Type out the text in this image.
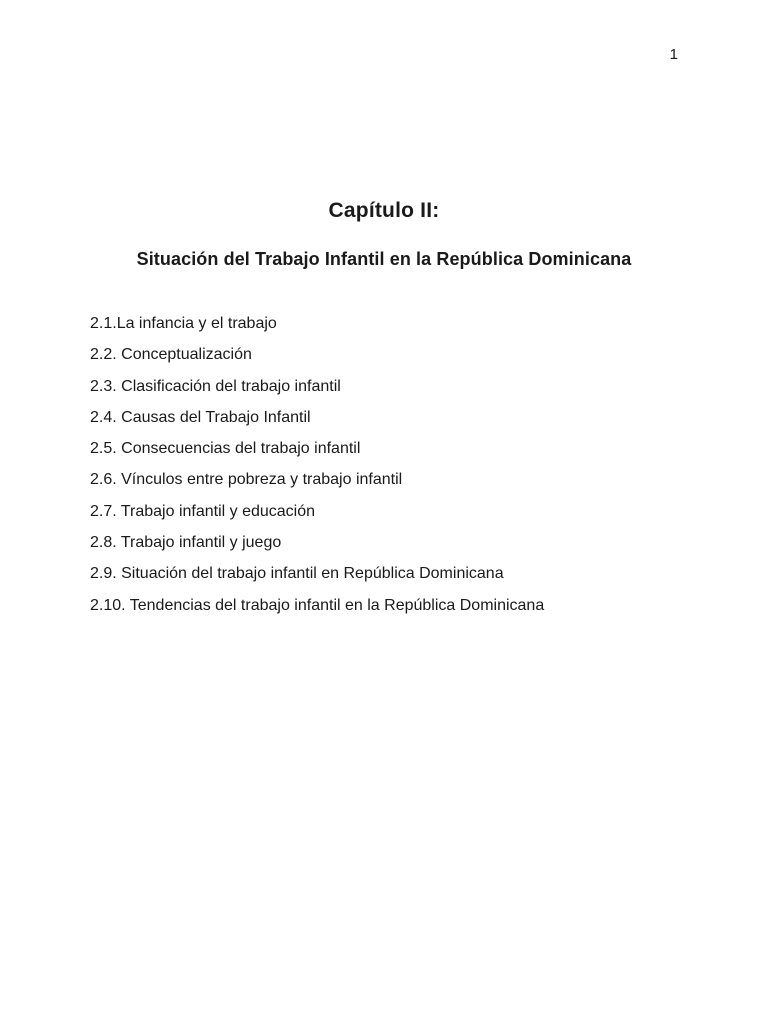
1
Capítulo II:
Situación del Trabajo Infantil en la República Dominicana
2.1.La infancia y el trabajo
2.2. Conceptualización
2.3. Clasificación del trabajo infantil
2.4. Causas del Trabajo Infantil
2.5. Consecuencias del trabajo infantil
2.6. Vínculos entre pobreza y trabajo infantil
2.7. Trabajo infantil y educación
2.8. Trabajo infantil y juego
2.9. Situación del trabajo infantil en República Dominicana
2.10. Tendencias del trabajo infantil en la República Dominicana
